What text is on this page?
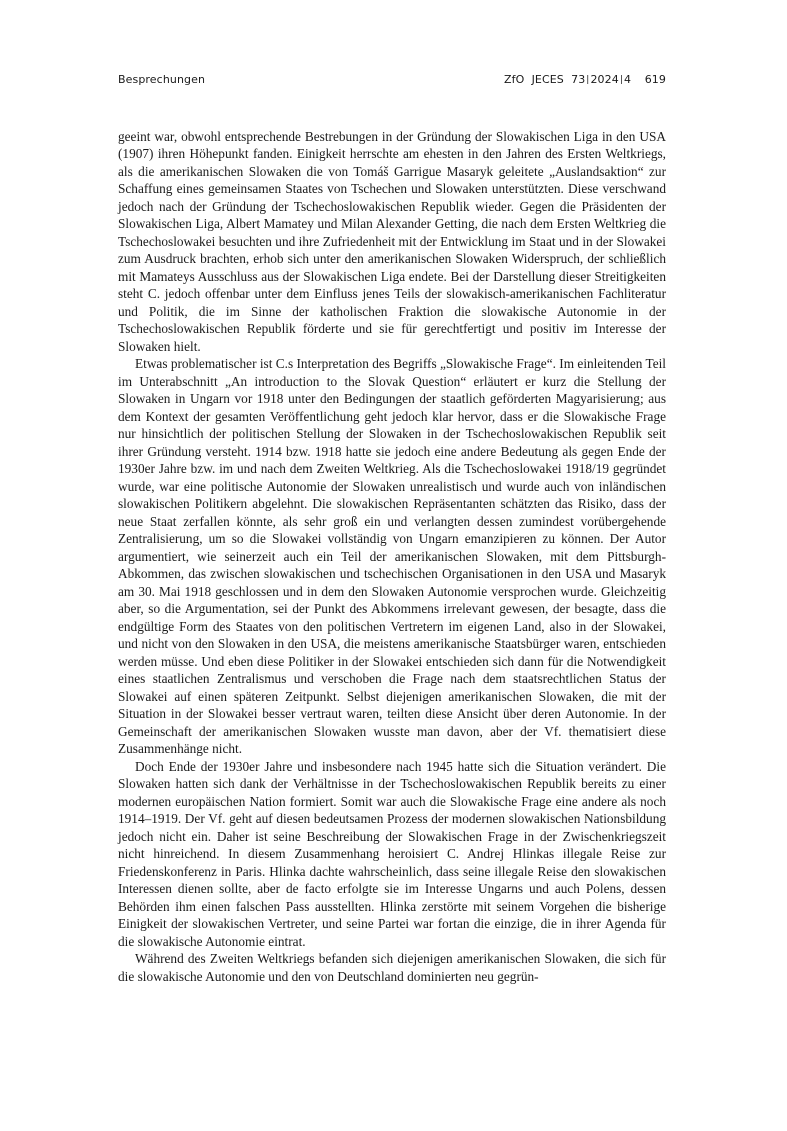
Besprechungen	ZfO JECES 73|2024|4 619

geeint war, obwohl entsprechende Bestrebungen in der Gründung der Slowakischen Liga in den USA (1907) ihren Höhepunkt fanden. Einigkeit herrschte am ehesten in den Jahren des Ersten Weltkriegs, als die amerikanischen Slowaken die von Tomáš Garrigue Masaryk geleitete „Auslandsaktion“ zur Schaffung eines gemeinsamen Staates von Tschechen und Slowaken unterstützten. Diese verschwand jedoch nach der Gründung der Tschechoslowakischen Republik wieder. Gegen die Präsidenten der Slowakischen Liga, Albert Mamatey und Milan Alexander Getting, die nach dem Ersten Weltkrieg die Tschechoslowakei besuchten und ihre Zufriedenheit mit der Entwicklung im Staat und in der Slowakei zum Ausdruck brachten, erhob sich unter den amerikanischen Slowaken Widerspruch, der schließlich mit Mamateys Ausschluss aus der Slowakischen Liga endete. Bei der Darstellung dieser Streitigkeiten steht C. jedoch offenbar unter dem Einfluss jenes Teils der slowakisch-amerikanischen Fachliteratur und Politik, die im Sinne der katholischen Fraktion die slowakische Autonomie in der Tschechoslowakischen Republik förderte und sie für gerechtfertigt und positiv im Interesse der Slowaken hielt.

Etwas problematischer ist C.s Interpretation des Begriffs „Slowakische Frage“. Im einleitenden Teil im Unterabschnitt „An introduction to the Slovak Question“ erläutert er kurz die Stellung der Slowaken in Ungarn vor 1918 unter den Bedingungen der staatlich geförderten Magyarisierung; aus dem Kontext der gesamten Veröffentlichung geht jedoch klar hervor, dass er die Slowakische Frage nur hinsichtlich der politischen Stellung der Slowaken in der Tschechoslowakischen Republik seit ihrer Gründung versteht. 1914 bzw. 1918 hatte sie jedoch eine andere Bedeutung als gegen Ende der 1930er Jahre bzw. im und nach dem Zweiten Weltkrieg. Als die Tschechoslowakei 1918/19 gegründet wurde, war eine politische Autonomie der Slowaken unrealistisch und wurde auch von inländischen slowakischen Politikern abgelehnt. Die slowakischen Repräsentanten schätzten das Risiko, dass der neue Staat zerfallen könnte, als sehr groß ein und verlangten dessen zumindest vorübergehende Zentralisierung, um so die Slowakei vollständig von Ungarn emanzipieren zu können. Der Autor argumentiert, wie seinerzeit auch ein Teil der amerikanischen Slowaken, mit dem Pittsburgh-Abkommen, das zwischen slowakischen und tschechischen Organisationen in den USA und Masaryk am 30. Mai 1918 geschlossen und in dem den Slowaken Autonomie versprochen wurde. Gleichzeitig aber, so die Argumentation, sei der Punkt des Abkommens irrelevant gewesen, der besagte, dass die endgültige Form des Staates von den politischen Vertretern im eigenen Land, also in der Slowakei, und nicht von den Slowaken in den USA, die meistens amerikanische Staatsbürger waren, entschieden werden müsse. Und eben diese Politiker in der Slowakei entschieden sich dann für die Notwendigkeit eines staatlichen Zentralismus und verschoben die Frage nach dem staatsrechtlichen Status der Slowakei auf einen späteren Zeitpunkt. Selbst diejenigen amerikanischen Slowaken, die mit der Situation in der Slowakei besser vertraut waren, teilten diese Ansicht über deren Autonomie. In der Gemeinschaft der amerikanischen Slowaken wusste man davon, aber der Vf. thematisiert diese Zusammenhänge nicht.

Doch Ende der 1930er Jahre und insbesondere nach 1945 hatte sich die Situation verändert. Die Slowaken hatten sich dank der Verhältnisse in der Tschechoslowakischen Republik bereits zu einer modernen europäischen Nation formiert. Somit war auch die Slowakische Frage eine andere als noch 1914–1919. Der Vf. geht auf diesen bedeutsamen Prozess der modernen slowakischen Nationsbildung jedoch nicht ein. Daher ist seine Beschreibung der Slowakischen Frage in der Zwischenkriegszeit nicht hinreichend. In diesem Zusammenhang heroisiert C. Andrej Hlinkas illegale Reise zur Friedenskonferenz in Paris. Hlinka dachte wahrscheinlich, dass seine illegale Reise den slowakischen Interessen dienen sollte, aber de facto erfolgte sie im Interesse Ungarns und auch Polens, dessen Behörden ihm einen falschen Pass ausstellten. Hlinka zerstörte mit seinem Vorgehen die bisherige Einigkeit der slowakischen Vertreter, und seine Partei war fortan die einzige, die in ihrer Agenda für die slowakische Autonomie eintrat.

Während des Zweiten Weltkriegs befanden sich diejenigen amerikanischen Slowaken, die sich für die slowakische Autonomie und den von Deutschland dominierten neu gegrün-
